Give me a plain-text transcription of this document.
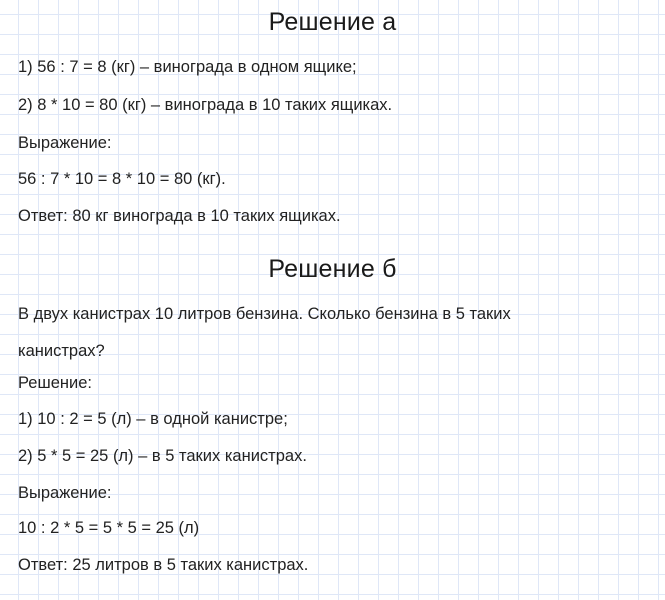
Решение а

1) 56 : 7 = 8 (кг) – винограда в одном ящике;

2) 8 * 10 = 80 (кг) – винограда в 10 таких ящиках.

Выражение:

56 : 7 * 10 = 8 * 10 = 80 (кг).

Ответ: 80 кг винограда в 10 таких ящиках.

Решение б

В двух канистрах 10 литров бензина. Сколько бензина в 5 таких

канистрах?

Решение:

1) 10 : 2 = 5 (л) – в одной канистре;

2) 5 * 5 = 25 (л) – в 5 таких канистрах.

Выражение:

10 : 2 * 5 = 5 * 5 = 25 (л)

Ответ: 25 литров в 5 таких канистрах.
